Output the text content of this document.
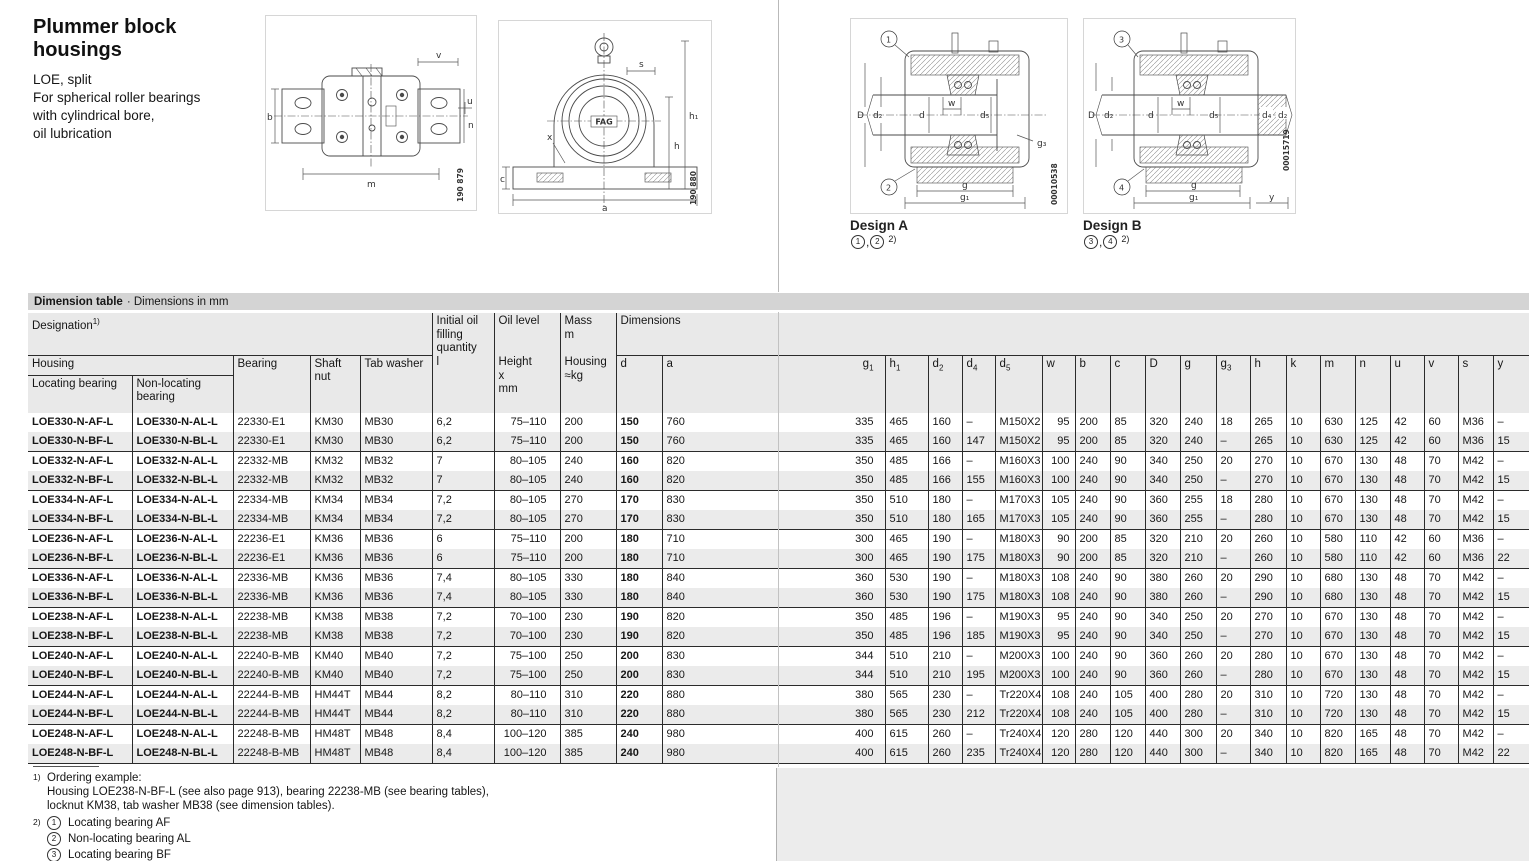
Plummer block
housings
LOE, split
For spherical roller bearings
with cylindrical bore,
oil lubrication
v
u
n
b
m	190 879
FAG
s
h₁
h
x
c
a
190 880
1
2
D d₂	d
w
d₅
g₃
g
g₁	00010538
3
4
D d₂	d
w
d₅	d₄ d₂
g
g₁	y
00015719
Design A
1 , 2 $^{2)}$
Design B
3 , 4 $^{2)}$
Dimension table · Dimensions in mm
Designation$^{1)}$	Initial oil filling quantity
l

Oil level
Height
x
mm

Mass
m
Housing
≈kg
	Dimensions
Housing		Bearing	Shaft nut	Tab washer				d	a	$g_1$	$h_1$	$d_2$	$d_4$	$d_5$	w	b	c	D	g	$g_3$	h	k	m	n	u	v	s	y
Locating bearing	Non-locating bearing																											
LOE330-N-AF-L	LOE330-N-AL-L	22330-E1	KM30	MB30	6,2	75–110	200	150	760	335	465	160	–	M150X2	95	200	85	320	240	18	265	10	630	125	42	60	M36	–
LOE330-N-BF-L	LOE330-N-BL-L	22330-E1	KM30	MB30	6,2	75–110	200	150	760	335	465	160	147	M150X2	95	200	85	320	240	–	265	10	630	125	42	60	M36	15
LOE332-N-AF-L	LOE332-N-AL-L	22332-MB	KM32	MB32	7	80–105	240	160	820	350	485	166	–	M160X3	100	240	90	340	250	20	270	10	670	130	48	70	M42	–
LOE332-N-BF-L	LOE332-N-BL-L	22332-MB	KM32	MB32	7	80–105	240	160	820	350	485	166	155	M160X3	100	240	90	340	250	–	270	10	670	130	48	70	M42	15
LOE334-N-AF-L	LOE334-N-AL-L	22334-MB	KM34	MB34	7,2	80–105	270	170	830	350	510	180	–	M170X3	105	240	90	360	255	18	280	10	670	130	48	70	M42	–
LOE334-N-BF-L	LOE334-N-BL-L	22334-MB	KM34	MB34	7,2	80–105	270	170	830	350	510	180	165	M170X3	105	240	90	360	255	–	280	10	670	130	48	70	M42	15
LOE236-N-AF-L	LOE236-N-AL-L	22236-E1	KM36	MB36	6	75–110	200	180	710	300	465	190	–	M180X3	90	200	85	320	210	20	260	10	580	110	42	60	M36	–
LOE236-N-BF-L	LOE236-N-BL-L	22236-E1	KM36	MB36	6	75–110	200	180	710	300	465	190	175	M180X3	90	200	85	320	210	–	260	10	580	110	42	60	M36	22
LOE336-N-AF-L	LOE336-N-AL-L	22336-MB	KM36	MB36	7,4	80–105	330	180	840	360	530	190	–	M180X3	108	240	90	380	260	20	290	10	680	130	48	70	M42	–
LOE336-N-BF-L	LOE336-N-BL-L	22336-MB	KM36	MB36	7,4	80–105	330	180	840	360	530	190	175	M180X3	108	240	90	380	260	–	290	10	680	130	48	70	M42	15
LOE238-N-AF-L	LOE238-N-AL-L	22238-MB	KM38	MB38	7,2	70–100	230	190	820	350	485	196	–	M190X3	95	240	90	340	250	20	270	10	670	130	48	70	M42	–
LOE238-N-BF-L	LOE238-N-BL-L	22238-MB	KM38	MB38	7,2	70–100	230	190	820	350	485	196	185	M190X3	95	240	90	340	250	–	270	10	670	130	48	70	M42	15
LOE240-N-AF-L	LOE240-N-AL-L	22240-B-MB	KM40	MB40	7,2	75–100	250	200	830	344	510	210	–	M200X3	100	240	90	360	260	20	280	10	670	130	48	70	M42	–
LOE240-N-BF-L	LOE240-N-BL-L	22240-B-MB	KM40	MB40	7,2	75–100	250	200	830	344	510	210	195	M200X3	100	240	90	360	260	–	280	10	670	130	48	70	M42	15
LOE244-N-AF-L	LOE244-N-AL-L	22244-B-MB	HM44T	MB44	8,2	80–110	310	220	880	380	565	230	–	Tr220X4	108	240	105	400	280	20	310	10	720	130	48	70	M42	–
LOE244-N-BF-L	LOE244-N-BL-L	22244-B-MB	HM44T	MB44	8,2	80–110	310	220	880	380	565	230	212	Tr220X4	108	240	105	400	280	–	310	10	720	130	48	70	M42	15
LOE248-N-AF-L	LOE248-N-AL-L	22248-B-MB	HM48T	MB48	8,4	100–120	385	240	980	400	615	260	–	Tr240X4	120	280	120	440	300	20	340	10	820	165	48	70	M42	–
LOE248-N-BF-L	LOE248-N-BL-L	22248-B-MB	HM48T	MB48	8,4	100–120	385	240	980	400	615	260	235	Tr240X4	120	280	120	440	300	–	340	10	820	165	48	70	M42	22
$^{1)}$ Ordering example:
Housing LOE238-N-BF-L (see also page 913), bearing 22238-MB (see bearing tables),
locknut KM38, tab washer MB38 (see dimension tables).
$^{2)}$	1	Locating bearing AF
2	Non-locating bearing AL
3	Locating bearing BF
